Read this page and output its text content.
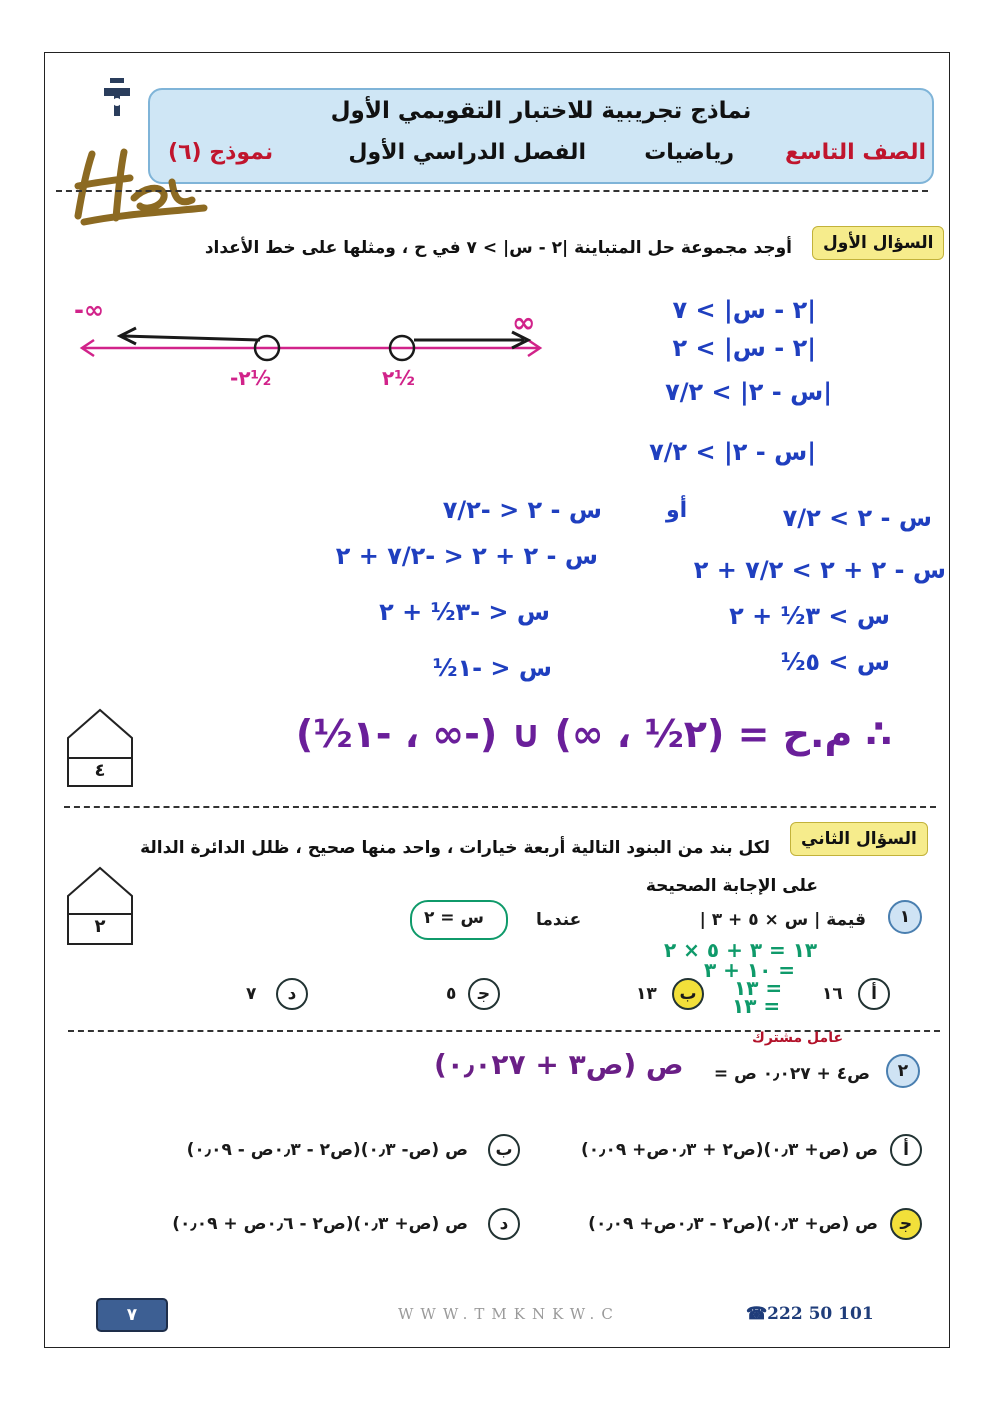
نماذج تجريبية للاختبار التقويمي الأول
الصف التاسع
رياضيات
الفصل الدراسي الأول
نموذج (٦)
السؤال الأول
أوجد مجموعة حل المتباينة |٢ - س| > ٧ في ح ، ومثلها على خط الأعداد
-∞	∞
-٢½	٢½
|٢ - س| > ٧
|٢ - س| > ٢
|س - ٢| > ٧/٢
|س - ٢| > ٧/٢
أو
س - ٢ < -٧/٢
س - ٢ + ٢ < -٧/٢ + ٢
س < -٣½ + ٢
س < -١½
س - ٢ > ٧/٢
س - ٢ + ٢ > ٧/٢ + ٢
س > ٣½ + ٢
س > ٥½
∴ م.ح = (٢½ ، ∞) ∪ (-∞ ، -١½)
٤
السؤال الثاني
لكل بند من البنود التالية أربعة خيارات ، واحد منها صحيح ، ظلل الدائرة الدالة
على الإجابة الصحيحة
٢	١
قيمة | س × ٥ + ٣ |
عندما
س = ٢
١٣ = ٣ + ٥ × ٢
١٠ + ٣ =
١٣ =
١٣ =	أ
١٦
ب
١٣
ﺟ
٥
د
٧
٢
ص٤ + ٠٫٠٢٧ ص =
عامل مشترك
ص (ص٣ + ٠٫٠٢٧)
أ
ص (ص+ ٠٫٣)(ص٢ + ٠٫٣ص+ ٠٫٠٩)
ب
ص (ص- ٠٫٣)(ص٢ - ٠٫٣ص - ٠٫٠٩)
ﺟ
ص (ص+ ٠٫٣)(ص٢ - ٠٫٣ص+ ٠٫٠٩)
د
ص (ص+ ٠٫٣)(ص٢ - ٠٫٦ص + ٠٫٠٩)
٧	WWW.TMKNKW.C	☎222 50 101
